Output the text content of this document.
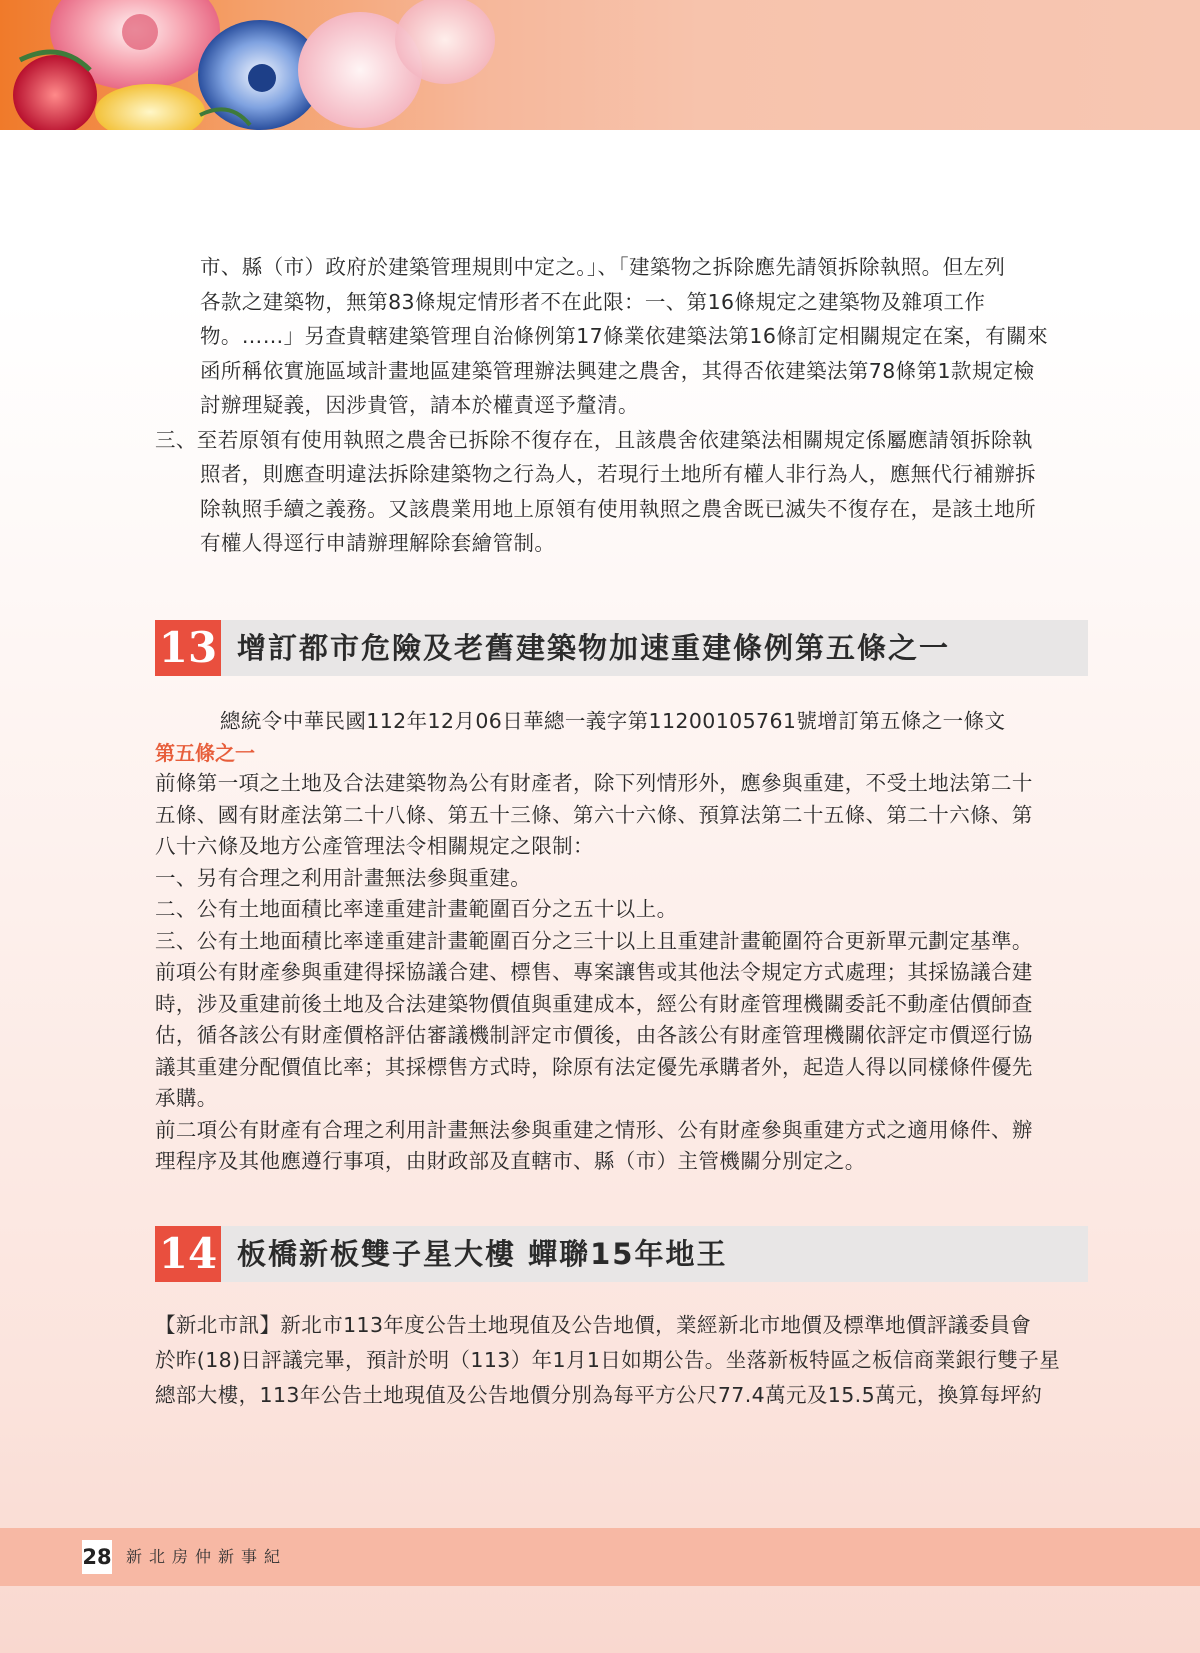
市、縣（市）政府於建築管理規則中定之。」、「建築物之拆除應先請領拆除執照。但左列
各款之建築物，無第83條規定情形者不在此限：一、第16條規定之建築物及雜項工作
物。……」另查貴轄建築管理自治條例第17條業依建築法第16條訂定相關規定在案，有關來
函所稱依實施區域計畫地區建築管理辦法興建之農舍，其得否依建築法第78條第1款規定檢
討辦理疑義，因涉貴管，請本於權責逕予釐清。
三、至若原領有使用執照之農舍已拆除不復存在，且該農舍依建築法相關規定係屬應請領拆除執
照者，則應查明違法拆除建築物之行為人，若現行土地所有權人非行為人，應無代行補辦拆
除執照手續之義務。又該農業用地上原領有使用執照之農舍既已滅失不復存在，是該土地所
有權人得逕行申請辦理解除套繪管制。
13 增訂都市危險及老舊建築物加速重建條例第五條之一
總統令中華民國112年12月06日華總一義字第11200105761號增訂第五條之一條文
第五條之一
前條第一項之土地及合法建築物為公有財產者，除下列情形外，應參與重建，不受土地法第二十
五條、國有財產法第二十八條、第五十三條、第六十六條、預算法第二十五條、第二十六條、第
八十六條及地方公產管理法令相關規定之限制：
一、另有合理之利用計畫無法參與重建。
二、公有土地面積比率達重建計畫範圍百分之五十以上。
三、公有土地面積比率達重建計畫範圍百分之三十以上且重建計畫範圍符合更新單元劃定基準。
前項公有財產參與重建得採協議合建、標售、專案讓售或其他法令規定方式處理；其採協議合建
時，涉及重建前後土地及合法建築物價值與重建成本，經公有財產管理機關委託不動產估價師查
估，循各該公有財產價格評估審議機制評定市價後，由各該公有財產管理機關依評定市價逕行協
議其重建分配價值比率；其採標售方式時，除原有法定優先承購者外，起造人得以同樣條件優先
承購。
前二項公有財產有合理之利用計畫無法參與重建之情形、公有財產參與重建方式之適用條件、辦
理程序及其他應遵行事項，由財政部及直轄市、縣（市）主管機關分別定之。
14 板橋新板雙子星大樓 蟬聯15年地王
【新北市訊】新北市113年度公告土地現值及公告地價，業經新北市地價及標準地價評議委員會
於昨(18)日評議完畢，預計於明（113）年1月1日如期公告。坐落新板特區之板信商業銀行雙子星
總部大樓，113年公告土地現值及公告地價分別為每平方公尺77.4萬元及15.5萬元，換算每坪約
28 新北房仲新事紀
